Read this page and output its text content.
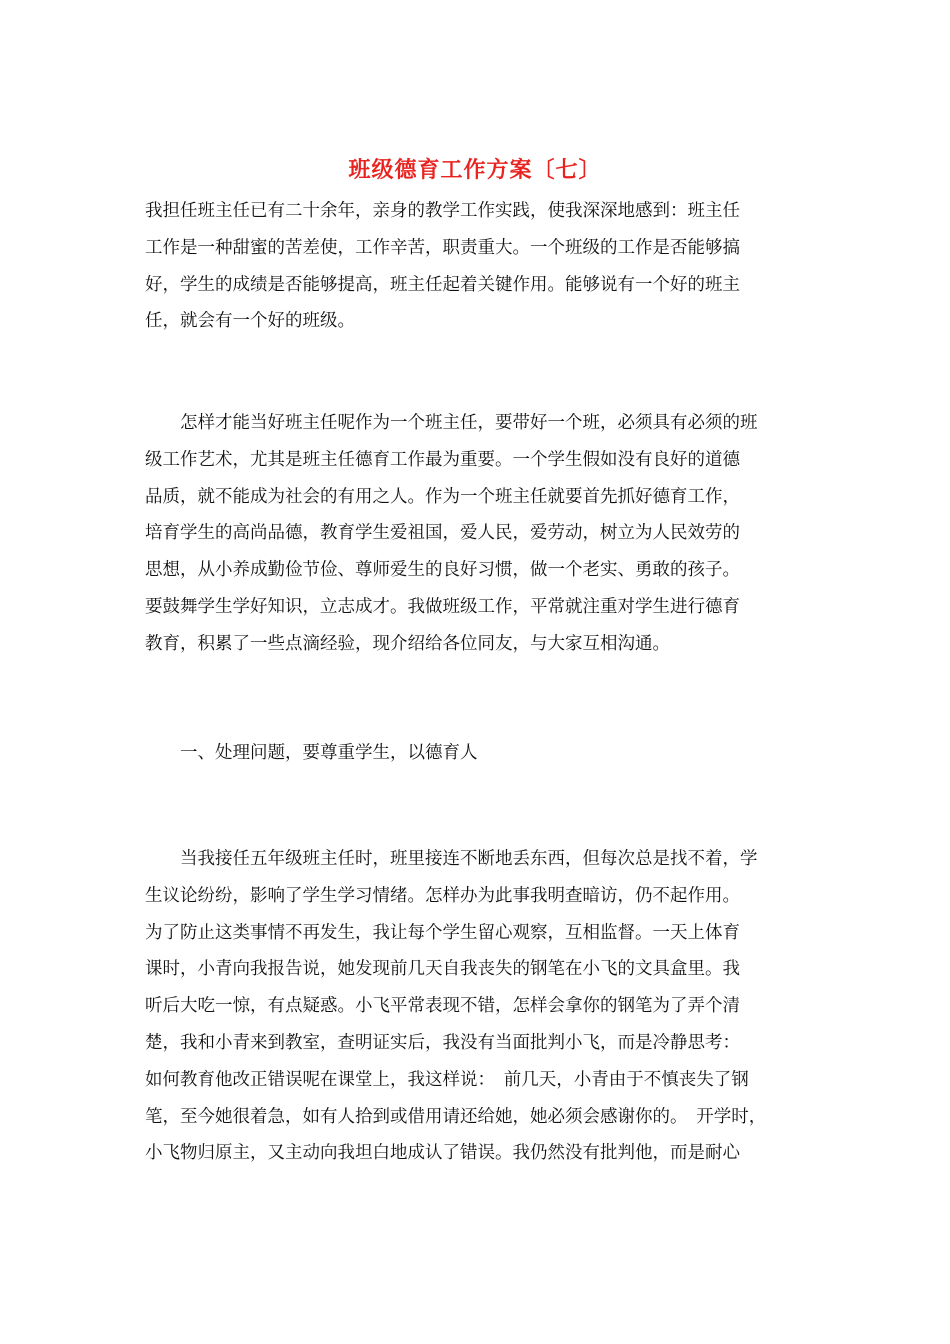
班级德育工作方案〔七〕
我担任班主任已有二十余年，亲身的教学工作实践，使我深深地感到：班主任
工作是一种甜蜜的苦差使，工作辛苦，职责重大。一个班级的工作是否能够搞
好，学生的成绩是否能够提高，班主任起着关键作用。能够说有一个好的班主
任，就会有一个好的班级。
　　怎样才能当好班主任呢作为一个班主任，要带好一个班，必须具有必须的班
级工作艺术，尤其是班主任德育工作最为重要。一个学生假如没有良好的道德
品质，就不能成为社会的有用之人。作为一个班主任就要首先抓好德育工作，
培育学生的高尚品德，教育学生爱祖国，爱人民，爱劳动，树立为人民效劳的
思想，从小养成勤俭节俭、尊师爱生的良好习惯，做一个老实、勇敢的孩子。
要鼓舞学生学好知识，立志成才。我做班级工作，平常就注重对学生进行德育
教育，积累了一些点滴经验，现介绍给各位同友，与大家互相沟通。
　　一、处理问题，要尊重学生，以德育人
　　当我接任五年级班主任时，班里接连不断地丢东西，但每次总是找不着，学
生议论纷纷，影响了学生学习情绪。怎样办为此事我明查暗访，仍不起作用。
为了防止这类事情不再发生，我让每个学生留心观察，互相监督。一天上体育
课时，小青向我报告说，她发现前几天自我丧失的钢笔在小飞的文具盒里。我
听后大吃一惊，有点疑惑。小飞平常表现不错，怎样会拿你的钢笔为了弄个清
楚，我和小青来到教室，查明证实后，我没有当面批判小飞，而是冷静思考：
如何教育他改正错误呢在课堂上，我这样说：　前几天，小青由于不慎丧失了钢
笔，至今她很着急，如有人拾到或借用请还给她，她必须会感谢你的。　开学时，
小飞物归原主，又主动向我坦白地成认了错误。我仍然没有批判他，而是耐心
